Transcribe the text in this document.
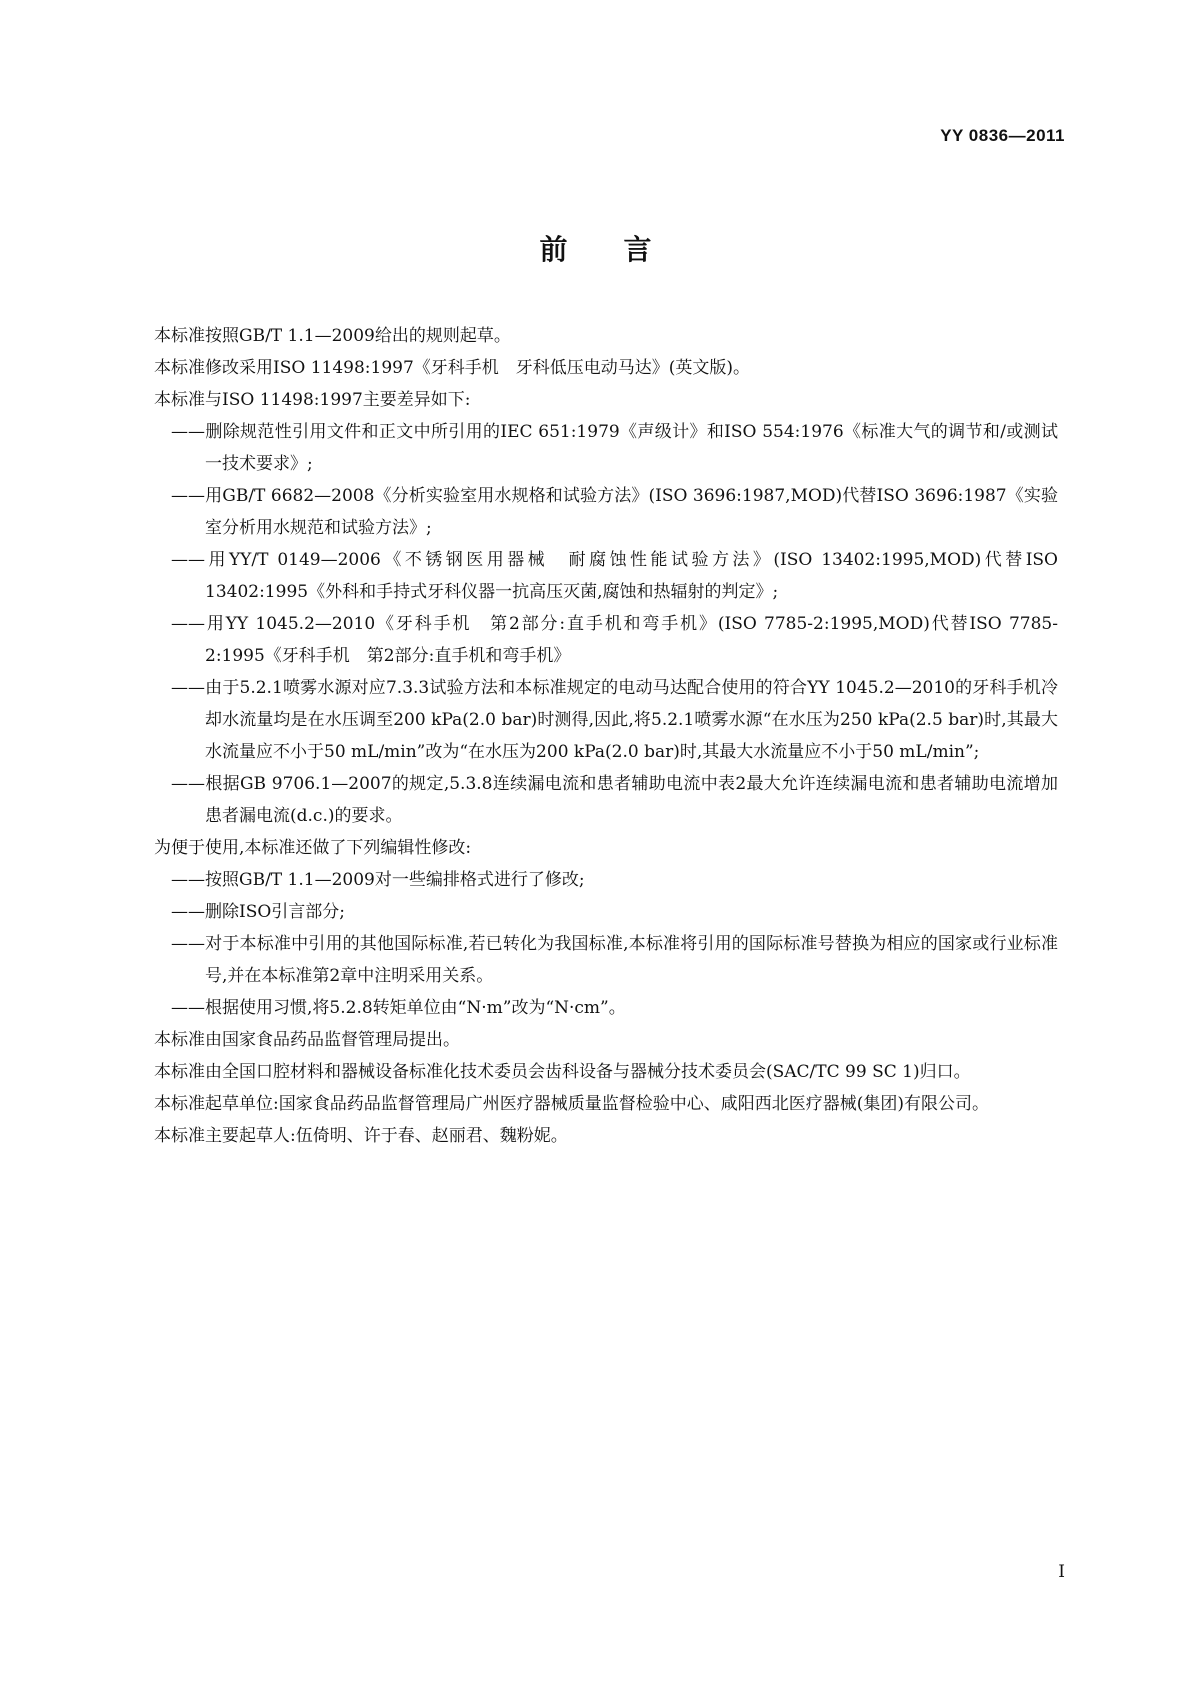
YY 0836—2011
前言

本标准按照GB/T 1.1—2009给出的规则起草。

本标准修改采用ISO 11498:1997《牙科手机　牙科低压电动马达》(英文版)。

本标准与ISO 11498:1997主要差异如下:

——删除规范性引用文件和正文中所引用的IEC 651:1979《声级计》和ISO 554:1976《标准大气的调节和/或测试一技术要求》;

——用GB/T 6682—2008《分析实验室用水规格和试验方法》(ISO 3696:1987,MOD)代替ISO 3696:1987《实验室分析用水规范和试验方法》;

——用YY/T 0149—2006《不锈钢医用器械　耐腐蚀性能试验方法》(ISO 13402:1995,MOD)代替ISO 13402:1995《外科和手持式牙科仪器一抗高压灭菌,腐蚀和热辐射的判定》;

——用YY 1045.2—2010《牙科手机　第2部分:直手机和弯手机》(ISO 7785-2:1995,MOD)代替ISO 7785-2:1995《牙科手机　第2部分:直手机和弯手机》

——由于5.2.1喷雾水源对应7.3.3试验方法和本标准规定的电动马达配合使用的符合YY 1045.2—2010的牙科手机冷却水流量均是在水压调至200 kPa(2.0 bar)时测得,因此,将5.2.1喷雾水源“在水压为250 kPa(2.5 bar)时,其最大水流量应不小于50 mL/min”改为“在水压为200 kPa(2.0 bar)时,其最大水流量应不小于50 mL/min”;

——根据GB 9706.1—2007的规定,5.3.8连续漏电流和患者辅助电流中表2最大允许连续漏电流和患者辅助电流增加患者漏电流(d.c.)的要求。

为便于使用,本标准还做了下列编辑性修改:

——按照GB/T 1.1—2009对一些编排格式进行了修改;

——删除ISO引言部分;

——对于本标准中引用的其他国际标准,若已转化为我国标准,本标准将引用的国际标准号替换为相应的国家或行业标准号,并在本标准第2章中注明采用关系。

——根据使用习惯,将5.2.8转矩单位由“N·m”改为“N·cm”。

本标准由国家食品药品监督管理局提出。

本标准由全国口腔材料和器械设备标准化技术委员会齿科设备与器械分技术委员会(SAC/TC 99 SC 1)归口。

本标准起草单位:国家食品药品监督管理局广州医疗器械质量监督检验中心、咸阳西北医疗器械(集团)有限公司。

本标准主要起草人:伍倚明、许于春、赵丽君、魏粉妮。

I
